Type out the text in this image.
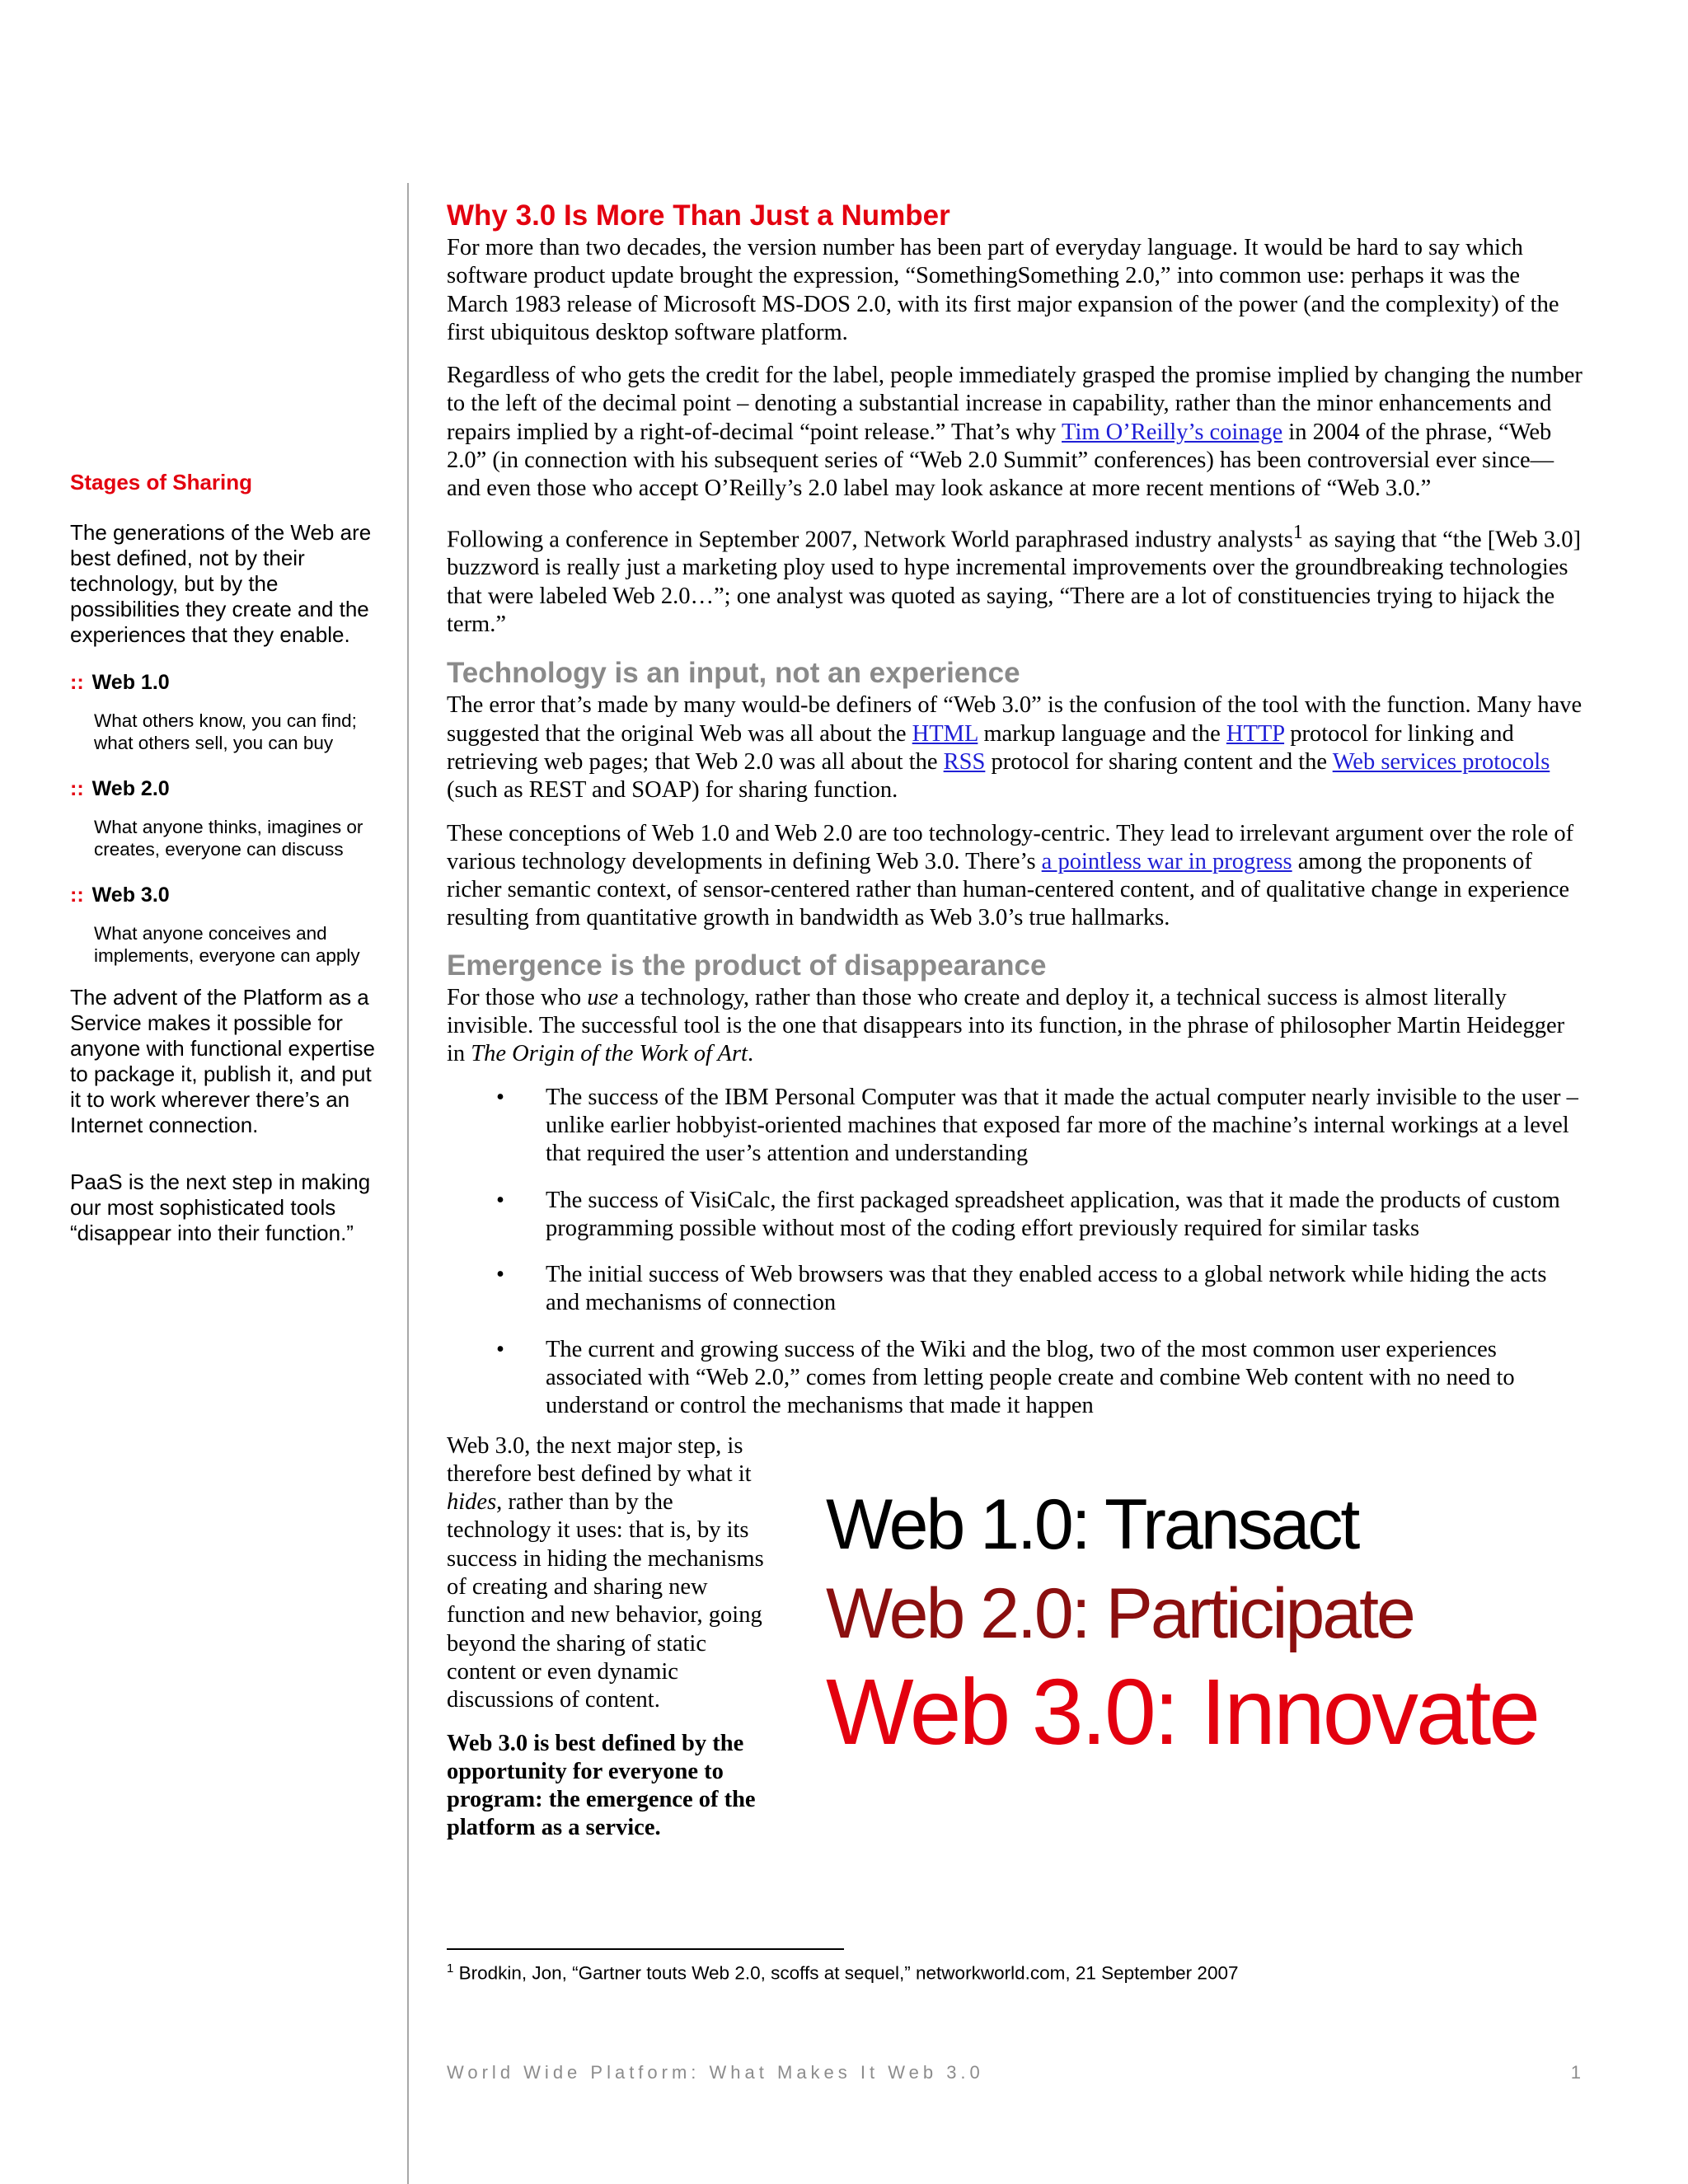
Stages of Sharing

The generations of the Web are best defined, not by their technology, but by the possibilities they create and the experiences that they enable.

:: Web 1.0
What others know, you can find; what others sell, you can buy
:: Web 2.0
What anyone thinks, imagines or creates, everyone can discuss
:: Web 3.0
What anyone conceives and implements, everyone can apply

The advent of the Platform as a Service makes it possible for anyone with functional expertise to package it, publish it, and put it to work wherever there’s an Internet connection.

PaaS is the next step in making our most sophisticated tools “disappear into their function.”

Why 3.0 Is More Than Just a Number

For more than two decades, the version number has been part of everyday language. It would be hard to say which software product update brought the expression, “SomethingSomething 2.0,” into common use: perhaps it was the March 1983 release of Microsoft MS-DOS 2.0, with its first major expansion of the power (and the complexity) of the first ubiquitous desktop software platform.

Regardless of who gets the credit for the label, people immediately grasped the promise implied by changing the number to the left of the decimal point – denoting a substantial increase in capability, rather than the minor enhancements and repairs implied by a right-of-decimal “point release.” That’s why Tim O’Reilly’s coinage in 2004 of the phrase, “Web 2.0” (in connection with his subsequent series of “Web 2.0 Summit” conferences) has been controversial ever since—and even those who accept O’Reilly’s 2.0 label may look askance at more recent mentions of “Web 3.0.”

Following a conference in September 2007, Network World paraphrased industry analysts$^1$ as saying that “the [Web 3.0] buzzword is really just a marketing ploy used to hype incremental improvements over the groundbreaking technologies that were labeled Web 2.0…”; one analyst was quoted as saying, “There are a lot of constituencies trying to hijack the term.”

Technology is an input, not an experience

The error that’s made by many would-be definers of “Web 3.0” is the confusion of the tool with the function. Many have suggested that the original Web was all about the HTML markup language and the HTTP protocol for linking and retrieving web pages; that Web 2.0 was all about the RSS protocol for sharing content and the Web services protocols (such as REST and SOAP) for sharing function.

These conceptions of Web 1.0 and Web 2.0 are too technology-centric. They lead to irrelevant argument over the role of various technology developments in defining Web 3.0. There’s a pointless war in progress among the proponents of richer semantic context, of sensor-centered rather than human-centered content, and of qualitative change in experience resulting from quantitative growth in bandwidth as Web 3.0’s true hallmarks.

Emergence is the product of disappearance

For those who use a technology, rather than those who create and deploy it, a technical success is almost literally invisible. The successful tool is the one that disappears into its function, in the phrase of philosopher Martin Heidegger in The Origin of the Work of Art.

• The success of the IBM Personal Computer was that it made the actual computer nearly invisible to the user – unlike earlier hobbyist-oriented machines that exposed far more of the machine’s internal workings at a level that required the user’s attention and understanding
• The success of VisiCalc, the first packaged spreadsheet application, was that it made the products of custom programming possible without most of the coding effort previously required for similar tasks
• The initial success of Web browsers was that they enabled access to a global network while hiding the acts and mechanisms of connection
• The current and growing success of the Wiki and the blog, two of the most common user experiences associated with “Web 2.0,” comes from letting people create and combine Web content with no need to understand or control the mechanisms that made it happen

Web 3.0, the next major step, is therefore best defined by what it hides, rather than by the technology it uses: that is, by its success in hiding the mechanisms of creating and sharing new function and new behavior, going beyond the sharing of static content or even dynamic discussions of content.

Web 3.0 is best defined by the opportunity for everyone to program: the emergence of the platform as a service.

Web 1.0: Transact
Web 2.0: Participate
Web 3.0: Innovate
$^1$ Brodkin, Jon, “Gartner touts Web 2.0, scoffs at sequel,” networkworld.com, 21 September 2007
World Wide Platform: What Makes It Web 3.0	1
